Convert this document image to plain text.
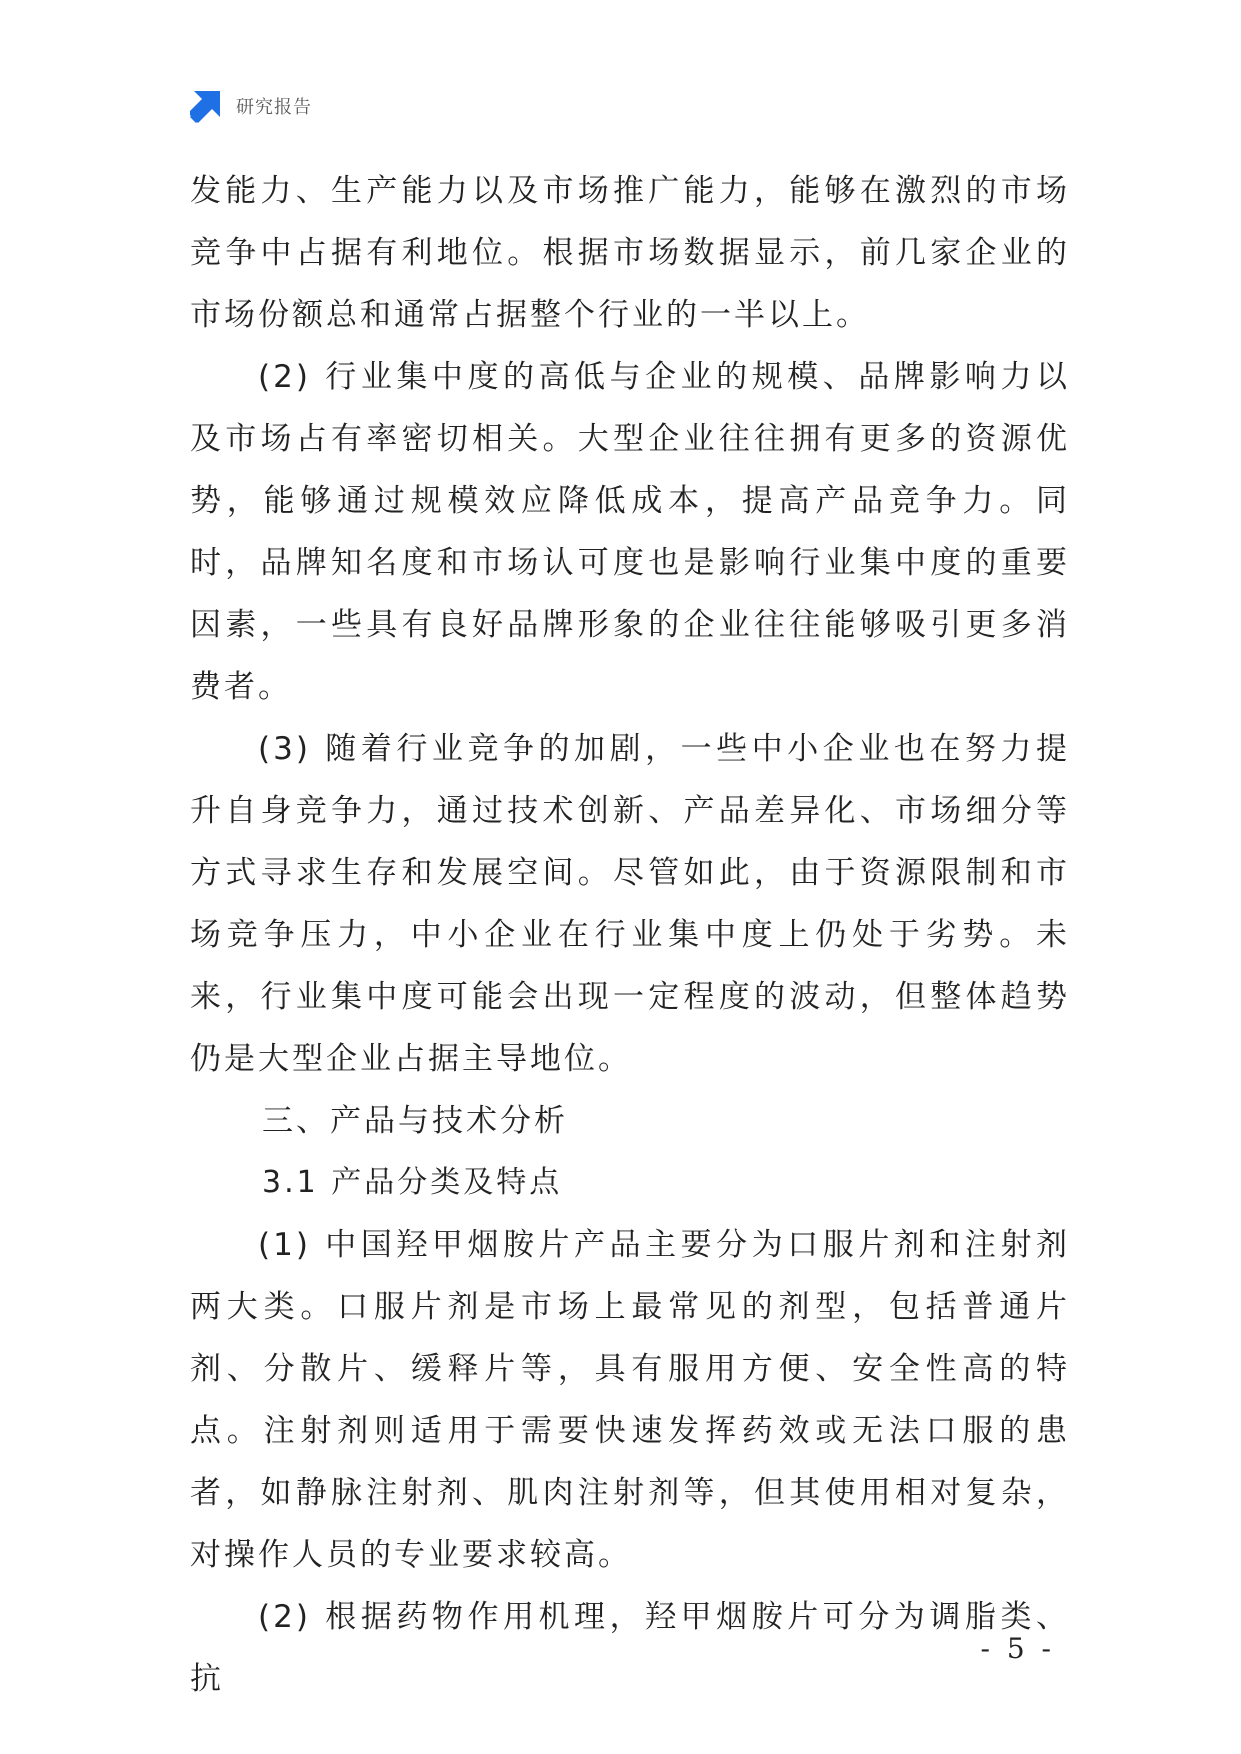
研究报告

发能力、生产能力以及市场推广能力，能够在激烈的市场竞争中占据有利地位。根据市场数据显示，前几家企业的市场份额总和通常占据整个行业的一半以上。

(2) 行业集中度的高低与企业的规模、品牌影响力以及市场占有率密切相关。大型企业往往拥有更多的资源优势，能够通过规模效应降低成本，提高产品竞争力。同时，品牌知名度和市场认可度也是影响行业集中度的重要因素，一些具有良好品牌形象的企业往往能够吸引更多消费者。

(3) 随着行业竞争的加剧，一些中小企业也在努力提升自身竞争力，通过技术创新、产品差异化、市场细分等方式寻求生存和发展空间。尽管如此，由于资源限制和市场竞争压力，中小企业在行业集中度上仍处于劣势。未来，行业集中度可能会出现一定程度的波动，但整体趋势仍是大型企业占据主导地位。

三、产品与技术分析
3.1 产品分类及特点

(1) 中国羟甲烟胺片产品主要分为口服片剂和注射剂两大类。口服片剂是市场上最常见的剂型，包括普通片剂、分散片、缓释片等，具有服用方便、安全性高的特点。注射剂则适用于需要快速发挥药效或无法口服的患者，如静脉注射剂、肌肉注射剂等，但其使用相对复杂，对操作人员的专业要求较高。

(2) 根据药物作用机理，羟甲烟胺片可分为调脂类、抗

- 5 -
